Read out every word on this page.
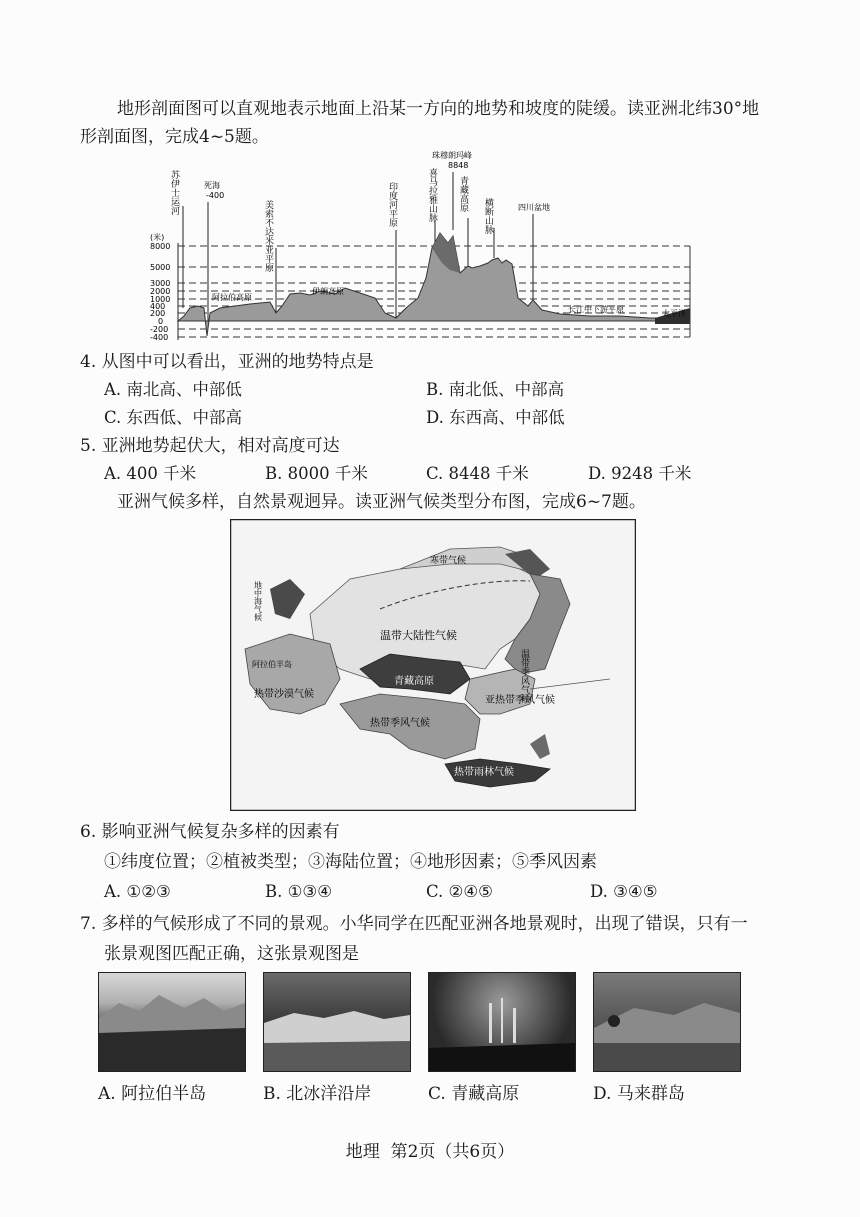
地形剖面图可以直观地表示地面上沿某一方向的地势和坡度的陡缓。读亚洲北纬30°地
形剖面图，完成4~5题。
苏伊士运河	死海
-400
美索不达米亚平原	印度河平原
珠穆朗玛峰
8848
喜马拉雅山脉 青藏高原
横断山脉	四川盆地
(米)
8000
5000
3000
2000
1000
400
200
0
-200
-400
阿拉伯高原
伊朗高原
长江中下游平原	太平洋
4. 从图中可以看出，亚洲的地势特点是
A. 南北高、中部低	B. 南北低、中部高
C. 东西低、中部高	D. 东西高、中部低
5. 亚洲地势起伏大，相对高度可达
A. 400 千米	B. 8000 千米	C. 8448 千米	D. 9248 千米
亚洲气候多样，自然景观迥异。读亚洲气候类型分布图，完成6~7题。
温带大陆性气候
青藏高原
亚热带季风气候
热带季风气候
热带沙漠气候
热带雨林气候
阿拉伯半岛
寒带气候
温带季风气候
地中海气候
6. 影响亚洲气候复杂多样的因素有
①纬度位置；②植被类型；③海陆位置；④地形因素；⑤季风因素
A. ①②③	B. ①③④	C. ②④⑤	D. ③④⑤
7. 多样的气候形成了不同的景观。小华同学在匹配亚洲各地景观时，出现了错误，只有一
张景观图匹配正确，这张景观图是
A. 阿拉伯半岛	B. 北冰洋沿岸	C. 青藏高原	D. 马来群岛
地理  第2页（共6页）
